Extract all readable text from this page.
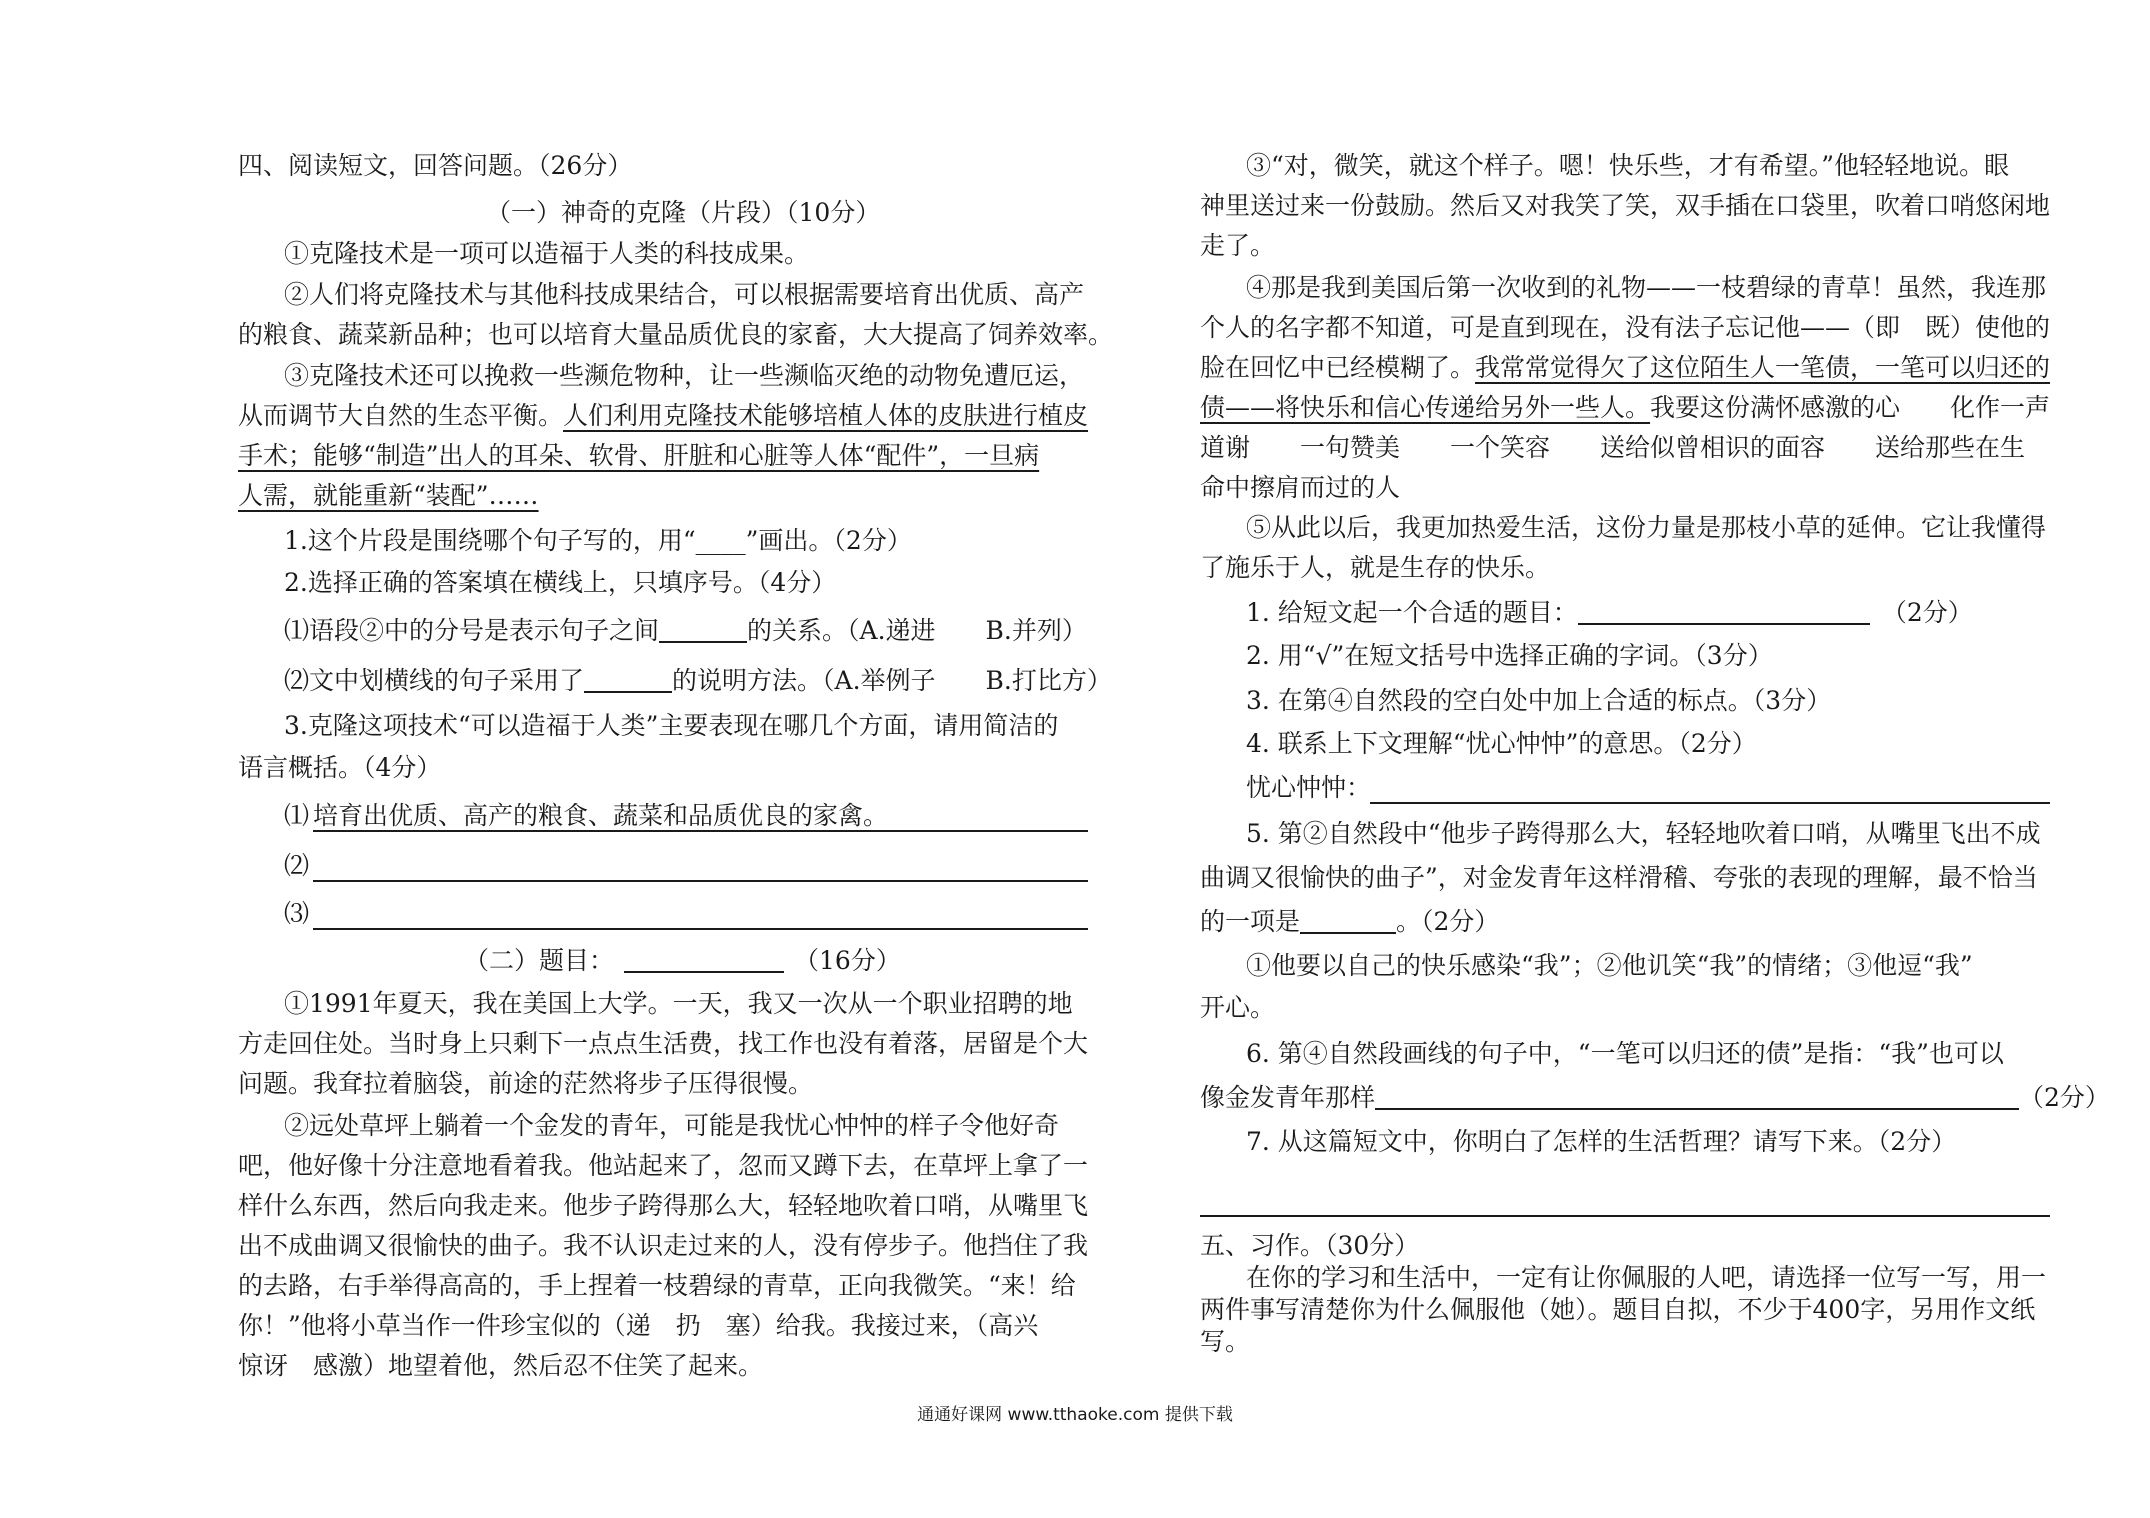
四、阅读短文，回答问题。（26分）
（一）神奇的克隆（片段）（10分）
①克隆技术是一项可以造福于人类的科技成果。
②人们将克隆技术与其他科技成果结合，可以根据需要培育出优质、高产
的粮食、蔬菜新品种；也可以培育大量品质优良的家畜，大大提高了饲养效率。
③克隆技术还可以挽救一些濒危物种，让一些濒临灭绝的动物免遭厄运，
从而调节大自然的生态平衡。人们利用克隆技术能够培植人体的皮肤进行植皮
手术；能够“制造”出人的耳朵、软骨、肝脏和心脏等人体“配件”，一旦病
人需，就能重新“装配”……
1.这个片段是围绕哪个句子写的，用“____”画出。（2分）
2.选择正确的答案填在横线上，只填序号。（4分）
⑴语段②中的分号是表示句子之间	的关系。（A.递进　　B.并列）
⑵文中划横线的句子采用了	的说明方法。（A.举例子　　B.打比方）
3.克隆这项技术“可以造福于人类”主要表现在哪几个方面，请用简洁的
语言概括。（4分）
⑴ 培育出优质、高产的粮食、蔬菜和品质优良的家禽。
⑵
⑶
（二）题目：	（16分）
①1991年夏天，我在美国上大学。一天，我又一次从一个职业招聘的地
方走回住处。当时身上只剩下一点点生活费，找工作也没有着落，居留是个大
问题。我耷拉着脑袋，前途的茫然将步子压得很慢。
②远处草坪上躺着一个金发的青年，可能是我忧心忡忡的样子令他好奇
吧，他好像十分注意地看着我。他站起来了，忽而又蹲下去，在草坪上拿了一
样什么东西，然后向我走来。他步子跨得那么大，轻轻地吹着口哨，从嘴里飞
出不成曲调又很愉快的曲子。我不认识走过来的人，没有停步子。他挡住了我
的去路，右手举得高高的，手上捏着一枝碧绿的青草，正向我微笑。“来！给
你！”他将小草当作一件珍宝似的（递　扔　塞）给我。我接过来，（高兴
惊讶　感激）地望着他，然后忍不住笑了起来。
③“对，微笑，就这个样子。嗯！快乐些，才有希望。”他轻轻地说。眼
神里送过来一份鼓励。然后又对我笑了笑，双手插在口袋里，吹着口哨悠闲地
走了。
④那是我到美国后第一次收到的礼物——一枝碧绿的青草！虽然，我连那
个人的名字都不知道，可是直到现在，没有法子忘记他——（即　既）使他的
脸在回忆中已经模糊了。我常常觉得欠了这位陌生人一笔债，一笔可以归还的
债——将快乐和信心传递给另外一些人。我要这份满怀感激的心　　化作一声
道谢　　一句赞美　　一个笑容　　送给似曾相识的面容　　送给那些在生
命中擦肩而过的人
⑤从此以后，我更加热爱生活，这份力量是那枝小草的延伸。它让我懂得
了施乐于人，就是生存的快乐。
1. 给短文起一个合适的题目：	（2分）
2. 用“√”在短文括号中选择正确的字词。（3分）
3. 在第④自然段的空白处中加上合适的标点。（3分）
4. 联系上下文理解“忧心忡忡”的意思。（2分）
忧心忡忡：
5. 第②自然段中“他步子跨得那么大，轻轻地吹着口哨，从嘴里飞出不成
曲调又很愉快的曲子”，对金发青年这样滑稽、夸张的表现的理解，最不恰当
的一项是	。（2分）
①他要以自己的快乐感染“我”；②他讥笑“我”的情绪；③他逗“我”
开心。
6. 第④自然段画线的句子中，“一笔可以归还的债”是指：“我”也可以
像金发青年那样	（2分）
7. 从这篇短文中，你明白了怎样的生活哲理？请写下来。（2分）
五、习作。（30分）
在你的学习和生活中，一定有让你佩服的人吧，请选择一位写一写，用一
两件事写清楚你为什么佩服他（她）。题目自拟，不少于400字，另用作文纸
写。
通通好课网 www.tthaoke.com 提供下载
